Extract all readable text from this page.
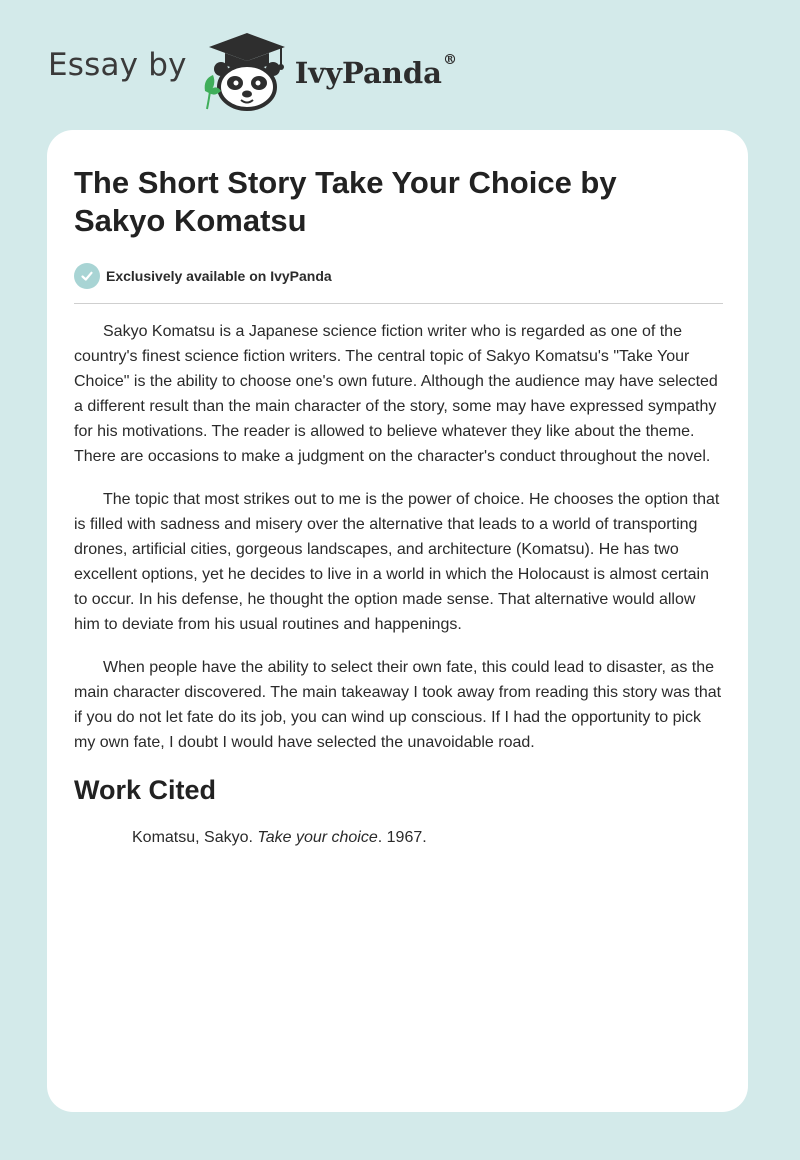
Essay by	IvyPanda®
The Short Story Take Your Choice by Sakyo Komatsu
Exclusively available on IvyPanda

Sakyo Komatsu is a Japanese science fiction writer who is regarded as one of the country's finest science fiction writers. The central topic of Sakyo Komatsu's "Take Your Choice" is the ability to choose one's own future. Although the audience may have selected a different result than the main character of the story, some may have expressed sympathy for his motivations. The reader is allowed to believe whatever they like about the theme. There are occasions to make a judgment on the character's conduct throughout the novel.

The topic that most strikes out to me is the power of choice. He chooses the option that is filled with sadness and misery over the alternative that leads to a world of transporting drones, artificial cities, gorgeous landscapes, and architecture (Komatsu). He has two excellent options, yet he decides to live in a world in which the Holocaust is almost certain to occur. In his defense, he thought the option made sense. That alternative would allow him to deviate from his usual routines and happenings.

When people have the ability to select their own fate, this could lead to disaster, as the main character discovered. The main takeaway I took away from reading this story was that if you do not let fate do its job, you can wind up conscious. If I had the opportunity to pick my own fate, I doubt I would have selected the unavoidable road.

Work Cited

Komatsu, Sakyo. Take your choice. 1967.
